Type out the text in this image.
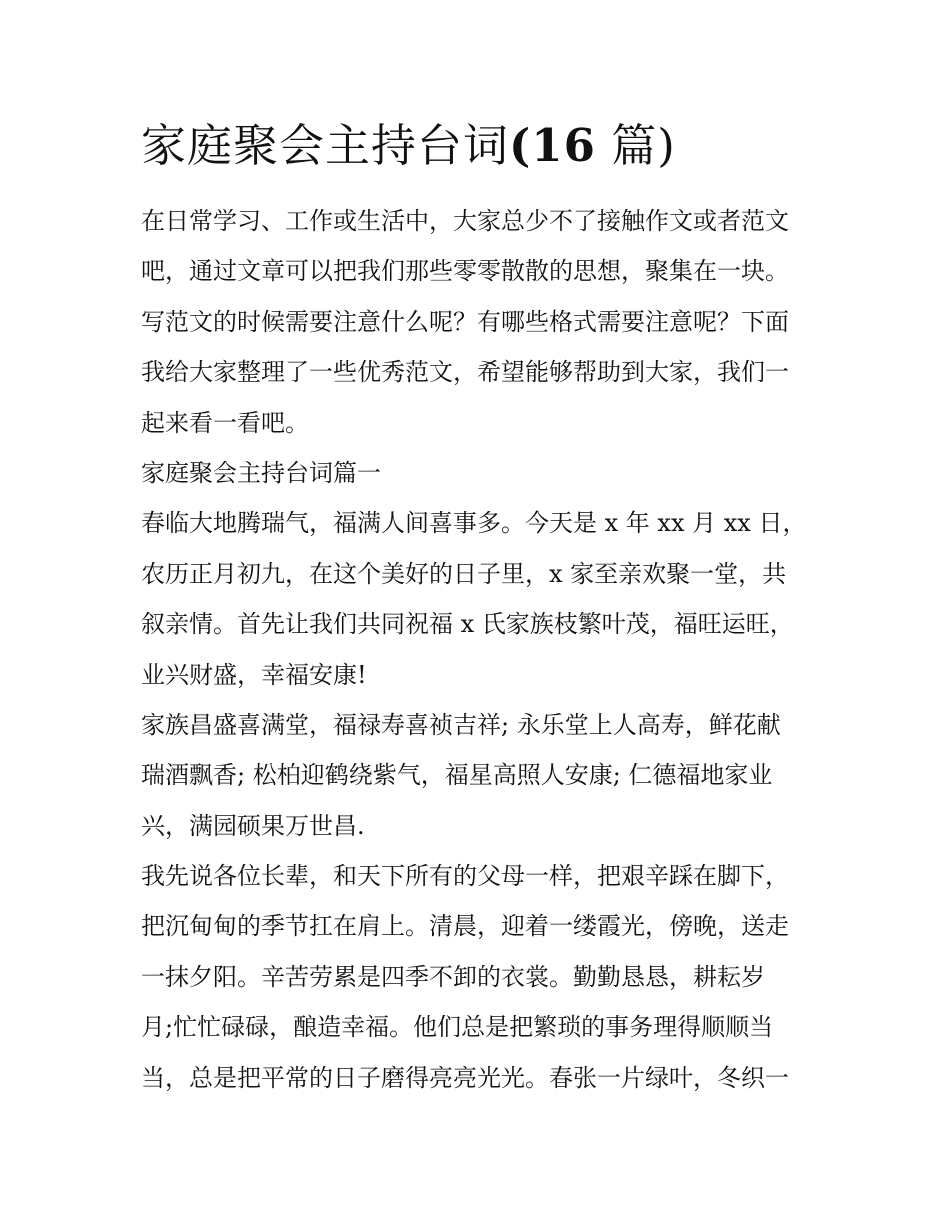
家庭聚会主持台词(16 篇)
在日常学习、工作或生活中，大家总少不了接触作文或者范文
吧，通过文章可以把我们那些零零散散的思想，聚集在一块。
写范文的时候需要注意什么呢？有哪些格式需要注意呢？下面
我给大家整理了一些优秀范文，希望能够帮助到大家，我们一
起来看一看吧。
家庭聚会主持台词篇一
春临大地腾瑞气，福满人间喜事多。今天是 x 年 xx 月 xx 日，
农历正月初九，在这个美好的日子里，x 家至亲欢聚一堂，共
叙亲情。首先让我们共同祝福 x 氏家族枝繁叶茂，福旺运旺，
业兴财盛，幸福安康!
家族昌盛喜满堂，福禄寿喜祯吉祥; 永乐堂上人高寿，鲜花献
瑞酒飘香; 松柏迎鹤绕紫气，福星高照人安康; 仁德福地家业
兴，满园硕果万世昌.
我先说各位长辈，和天下所有的父母一样，把艰辛踩在脚下，
把沉甸甸的季节扛在肩上。清晨，迎着一缕霞光，傍晚，送走
一抹夕阳。辛苦劳累是四季不卸的衣裳。勤勤恳恳，耕耘岁
月;忙忙碌碌，酿造幸福。他们总是把繁琐的事务理得顺顺当
当，总是把平常的日子磨得亮亮光光。春张一片绿叶，冬织一
